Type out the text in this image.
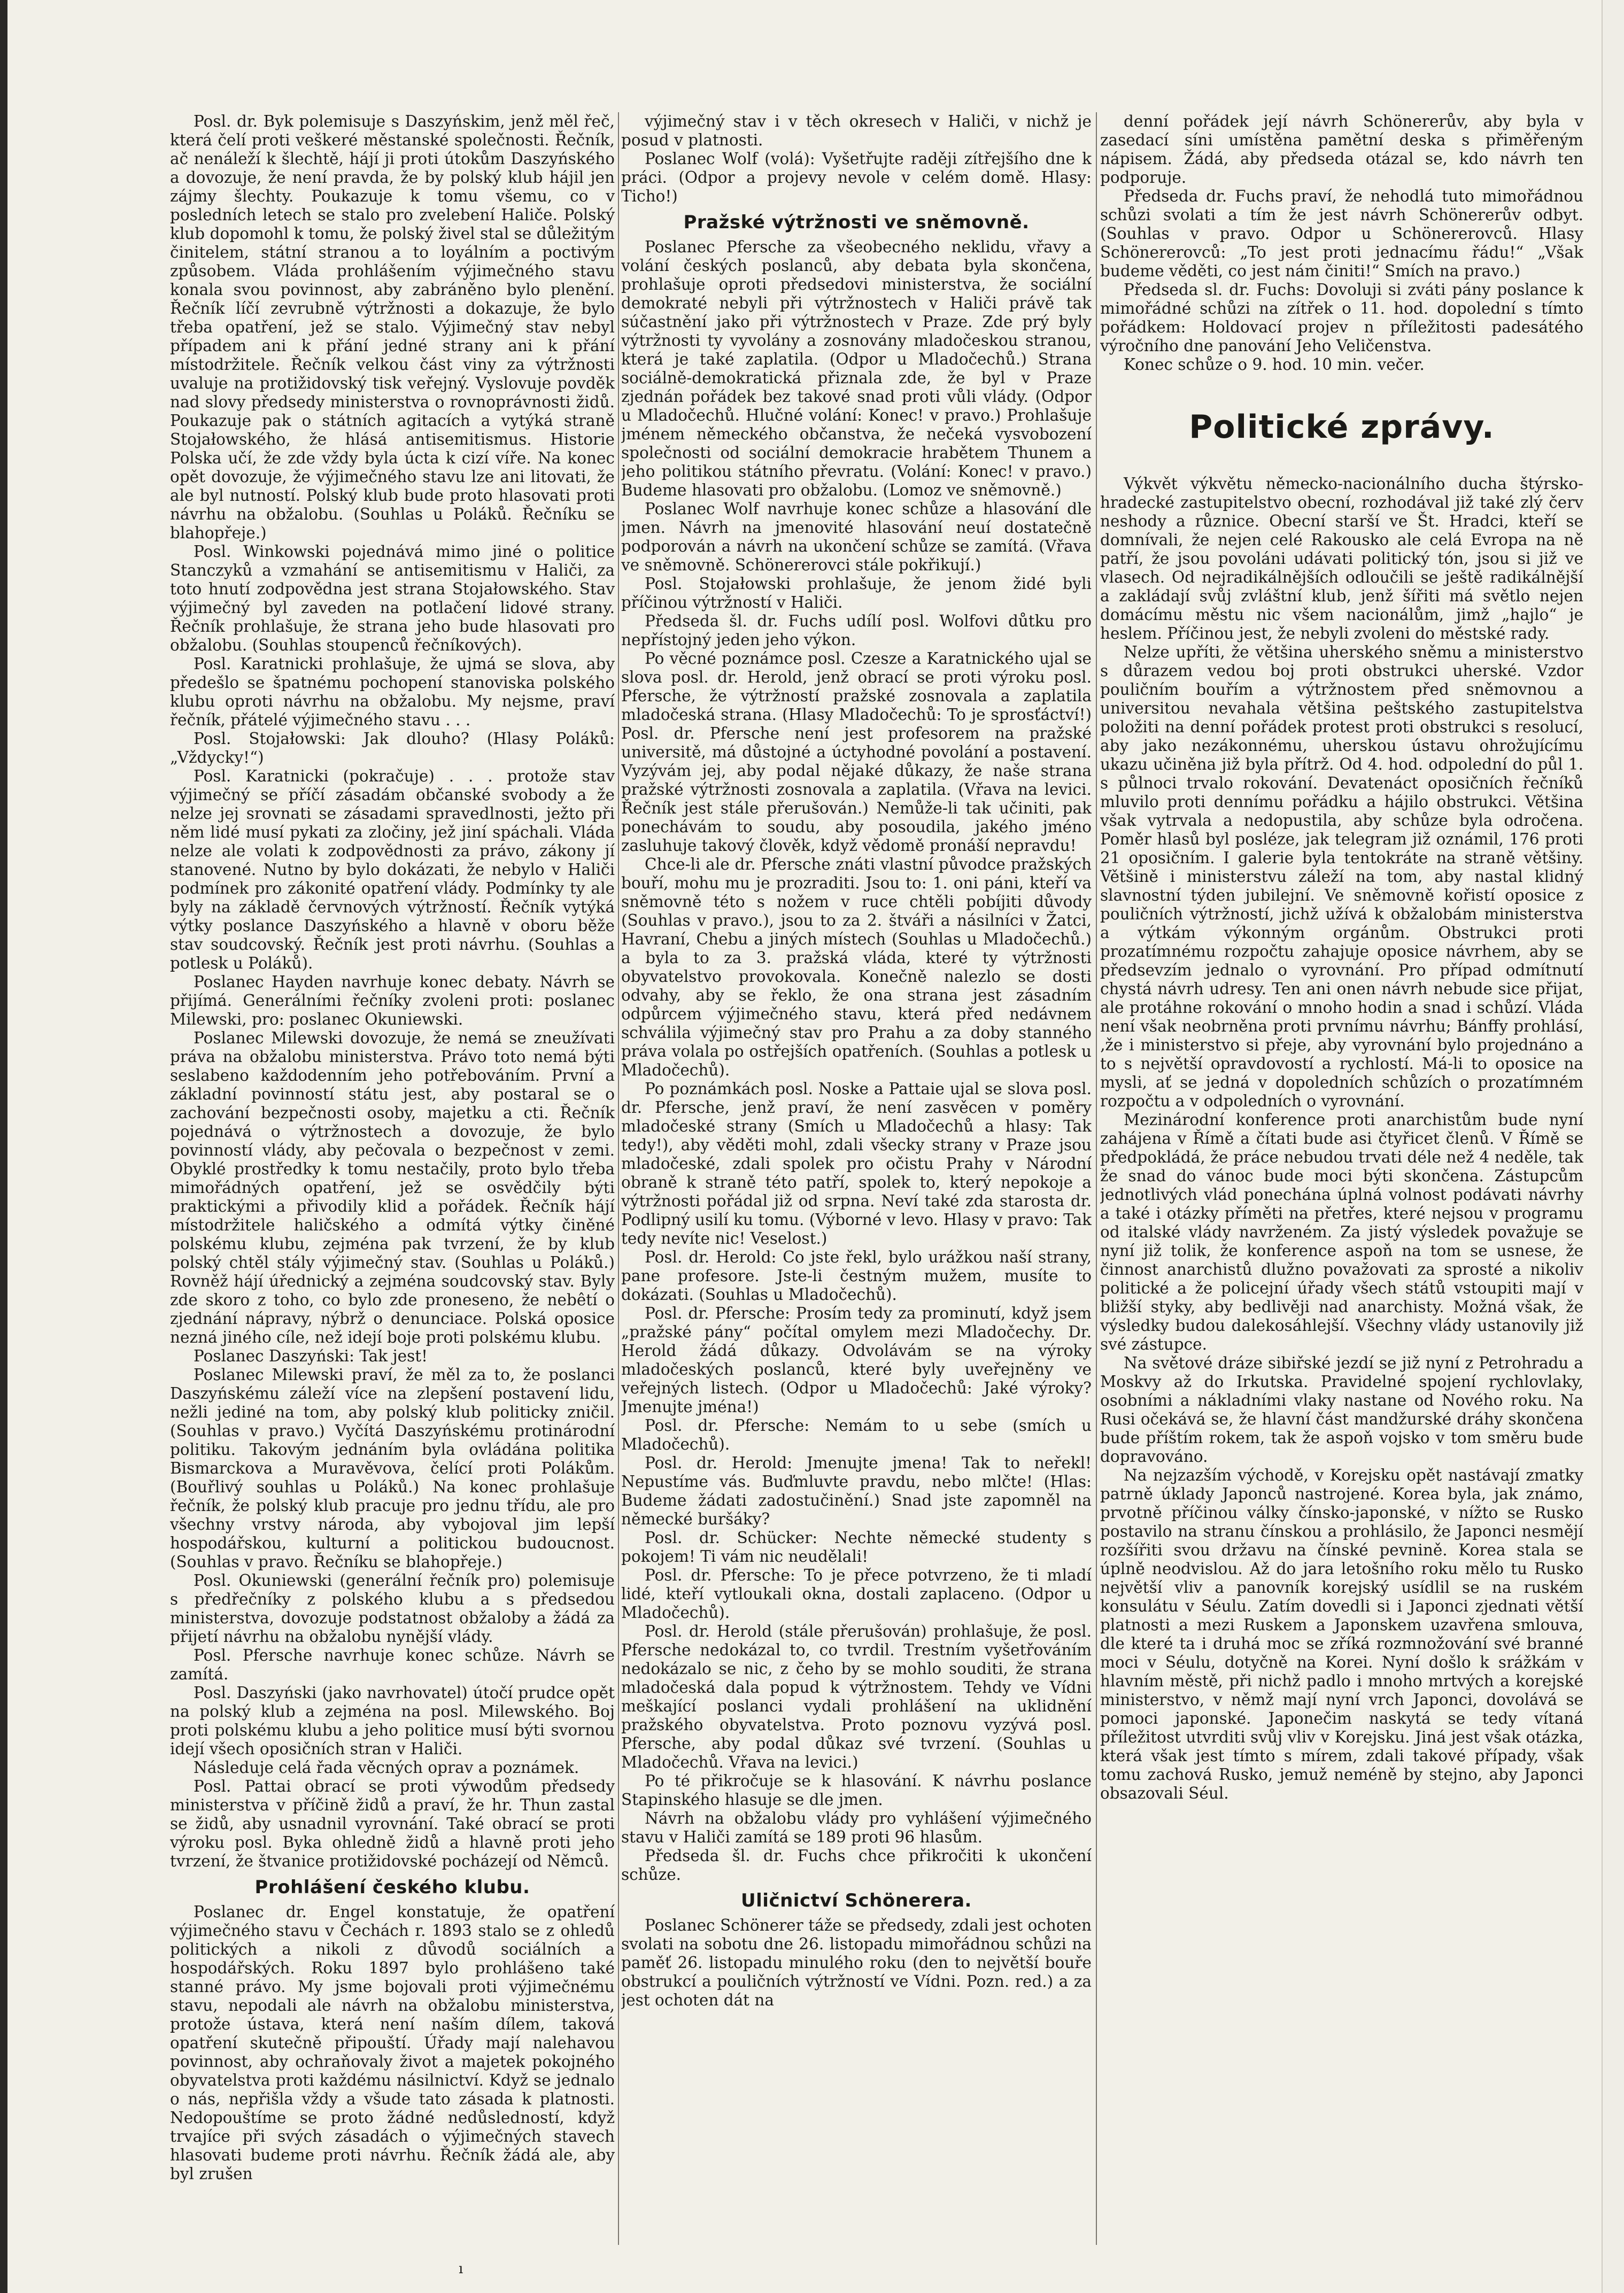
Posl. dr. Byk polemisuje s Daszyńskim, jenž měl řeč, která čelí proti veškeré městanské společnosti. Řečník, ač nenáleží k šlechtě, hájí ji proti útokům Daszyńského a dovozuje, že není pravda, že by polský klub hájil jen zájmy šlechty. Poukazuje k tomu všemu, co v posledních letech se stalo pro zvelebení Haliče. Polský klub dopomohl k tomu, že polský živel stal se důležitým činitelem, státní stranou a to loyálním a poctivým způsobem. Vláda prohlášením výjimečného stavu konala svou povinnost, aby zabráněno bylo plenění. Řečník líčí zevrubně výtržnosti a dokazuje, že bylo třeba opatření, jež se stalo. Výjimečný stav nebyl případem ani k přání jedné strany ani k přání místodržitele. Řečník velkou část viny za výtržnosti uvaluje na protižidovský tisk veřejný. Vyslovuje povděk nad slovy předsedy ministerstva o rovnoprávnosti židů. Poukazuje pak o státních agitacích a vytýká straně Stojałowského, že hlásá antisemitismus. Historie Polska učí, že zde vždy byla úcta k cizí víře. Na konec opět dovozuje, že výjimečného stavu lze ani litovati, že ale byl nutností. Polský klub bude proto hlasovati proti návrhu na obžalobu. (Souhlas u Poláků. Řečníku se blahopřeje.)

Posl. Winkowski pojednává mimo jiné o politice Stanczyků a vzmahání se antisemitismu v Haliči, za toto hnutí zodpovědna jest strana Stojałowského. Stav výjimečný byl zaveden na potlačení lidové strany. Řečník prohlašuje, že strana jeho bude hlasovati pro obžalobu. (Souhlas stoupenců řečníkových).

Posl. Karatnicki prohlašuje, že ujmá se slova, aby předešlo se špatnému pochopení stanoviska polského klubu oproti návrhu na obžalobu. My nejsme, praví řečník, přátelé výjimečného stavu . . .

Posl. Stojałowski: Jak dlouho? (Hlasy Poláků: „Vždycky!“)

Posl. Karatnicki (pokračuje) . . . protože stav výjimečný se příčí zásadám občanské svobody a že nelze jej srovnati se zásadami spravedlnosti, ježto při něm lidé musí pykati za zločiny, jež jiní spáchali. Vláda nelze ale volati k zodpovědnosti za právo, zákony jí stanovené. Nutno by bylo dokázati, že nebylo v Haliči podmínek pro zákonité opatření vlády. Podmínky ty ale byly na základě červnových výtržností. Řečník vytýká výtky poslance Daszyńského a hlavně v oboru běže stav soudcovský. Řečník jest proti návrhu. (Souhlas a potlesk u Poláků).

Poslanec Hayden navrhuje konec debaty. Návrh se přijímá. Generálními řečníky zvoleni proti: poslanec Milewski, pro: poslanec Okuniewski.

Poslanec Milewski dovozuje, že nemá se zneužívati práva na obžalobu ministerstva. Právo toto nemá býti seslabeno každodenním jeho potřebováním. První a základní povinností státu jest, aby postaral se o zachování bezpečnosti osoby, majetku a cti. Řečník pojednává o výtržnostech a dovozuje, že bylo povinností vlády, aby pečovala o bezpečnost v zemi. Obyklé prostředky k tomu nestačily, proto bylo třeba mimořádných opatření, jež se osvědčily býti praktickými a přivodily klid a pořádek. Řečník hájí místodržitele haličského a odmítá výtky činěné polskému klubu, zejména pak tvrzení, že by klub polský chtěl stály výjimečný stav. (Souhlas u Poláků.) Rovněž hájí úřednický a zejména soudcovský stav. Byly zde skoro z toho, co bylo zde proneseno, že nebêtí o zjednání nápravy, nýbrž o denunciace. Polská oposice nezná jiného cíle, než idejí boje proti polskému klubu.

Poslanec Daszyński: Tak jest!

Poslanec Milewski praví, že měl za to, že poslanci Daszyńskému záleží více na zlepšení postavení lidu, nežli jediné na tom, aby polský klub politicky zničil. (Souhlas v pravo.) Vyčítá Daszyńskému protinárodní politiku. Takovým jednáním byla ovládána politika Bismarckova a Muravěvova, čelící proti Polákům. (Bouřlivý souhlas u Poláků.) Na konec prohlašuje řečník, že polský klub pracuje pro jednu třídu, ale pro všechny vrstvy národa, aby vybojoval jim lepší hospodářskou, kulturní a politickou budoucnost. (Souhlas v pravo. Řečníku se blahopřeje.)

Posl. Okuniewski (generální řečník pro) polemisuje s předřečníky z polského klubu a s předsedou ministerstva, dovozuje podstatnost obžaloby a žádá za přijetí návrhu na obžalobu nynější vlády.

Posl. Pfersche navrhuje konec schůze. Návrh se zamítá.

Posl. Daszyński (jako navrhovatel) útočí prudce opět na polský klub a zejména na posl. Milewského. Boj proti polskému klubu a jeho politice musí býti svornou idejí všech oposičních stran v Haliči.

Následuje celá řada věcných oprav a poznámek.

Posl. Pattai obrací se proti výwodům předsedy ministerstva v příčině židů a praví, že hr. Thun zastal se židů, aby usnadnil vyrovnání. Také obrací se proti výroku posl. Byka ohledně židů a hlavně proti jeho tvrzení, že štvanice protižidovské pocházejí od Němců.

Prohlášení českého klubu.

Poslanec dr. Engel konstatuje, že opatření výjimečného stavu v Čechách r. 1893 stalo se z ohledů politických a nikoli z důvodů sociálních a hospodářských. Roku 1897 bylo prohlášeno také stanné právo. My jsme bojovali proti výjimečnému stavu, nepodali ale návrh na obžalobu ministerstva, protože ústava, která není naším dílem, taková opatření skutečně připouští. Úřady mají nalehavou povinnost, aby ochraňovaly život a majetek pokojného obyvatelstva proti každému násilnictví. Když se jednalo o nás, nepřišla vždy a všude tato zásada k platnosti. Nedopouštíme se proto žádné nedůsledností, když trvajíce při svých zásadách o výjimečných stavech hlasovati budeme proti návrhu. Řečník žádá ale, aby byl zrušen

výjimečný stav i v těch okresech v Haliči, v nichž je posud v platnosti.

Poslanec Wolf (volá): Vyšetřujte raději zítřejšího dne k práci. (Odpor a projevy nevole v celém domě. Hlasy: Ticho!)

Pražské výtržnosti ve sněmovně.

Poslanec Pfersche za všeobecného neklidu, vřavy a volání českých poslanců, aby debata byla skončena, prohlašuje oproti předsedovi ministerstva, že sociální demokraté nebyli při výtržnostech v Haliči právě tak súčastnění jako při výtržnostech v Praze. Zde prý byly výtržnosti ty vyvolány a zosnovány mladočeskou stranou, která je také zaplatila. (Odpor u Mladočechů.) Strana sociálně-demokratická přiznala zde, že byl v Praze zjednán pořádek bez takové snad proti vůli vlády. (Odpor u Mladočechů. Hlučné volání: Konec! v pravo.) Prohlašuje jménem německého občanstva, že nečeká vysvobození společnosti od sociální demokracie hrabětem Thunem a jeho politikou státního převratu. (Volání: Konec! v pravo.) Budeme hlasovati pro obžalobu. (Lomoz ve sněmovně.)

Poslanec Wolf navrhuje konec schůze a hlasování dle jmen. Návrh na jmenovité hlasování neuí dostatečně podporován a návrh na ukončení schůze se zamítá. (Vřava ve sněmovně. Schönererovci stále pokřikují.)

Posl. Stojałowski prohlašuje, že jenom židé byli příčinou výtržností v Haliči.

Předseda šl. dr. Fuchs udílí posl. Wolfovi důtku pro nepřístojný jeden jeho výkon.

Po věcné poznámce posl. Czesze a Karatnického ujal se slova posl. dr. Herold, jenž obrací se proti výroku posl. Pfersche, že výtržností pražské zosnovala a zaplatila mladočeská strana. (Hlasy Mladočechů: To je sprosťáctví!) Posl. dr. Pfersche není jest profesorem na pražské universitě, má důstojné a úctyhodné povolání a postavení. Vyzývám jej, aby podal nějaké důkazy, že naše strana pražské výtržnosti zosnovala a zaplatila. (Vřava na levici. Řečník jest stále přerušován.) Nemůže-li tak učiniti, pak ponechávám to soudu, aby posoudila, jakého jméno zasluhuje takový člověk, když vědomě pronáší nepravdu!

Chce-li ale dr. Pfersche znáti vlastní původce pražských bouří, mohu mu je prozraditi. Jsou to: 1. oni páni, kteří va sněmovně této s nožem v ruce chtěli pobíjiti důvody (Souhlas v pravo.), jsou to za 2. štváři a násilníci v Žatci, Havraní, Chebu a jiných místech (Souhlas u Mladočechů.) a byla to za 3. pražská vláda, které ty výtržnosti obyvatelstvo provokovala. Konečně nalezlo se dosti odvahy, aby se řeklo, že ona strana jest zásadním odpůrcem výjimečného stavu, která před nedávnem schválila výjimečný stav pro Prahu a za doby stanného práva volala po ostřejších opatřeních. (Souhlas a potlesk u Mladočechů).

Po poznámkách posl. Noske a Pattaie ujal se slova posl. dr. Pfersche, jenž praví, že není zasvěcen v poměry mladočeské strany (Smích u Mladočechů a hlasy: Tak tedy!), aby věděti mohl, zdali všecky strany v Praze jsou mladočeské, zdali spolek pro očistu Prahy v Národní obraně k straně této patří, spolek to, který nepokoje a výtržnosti pořádal již od srpna. Neví také zda starosta dr. Podlipný usilí ku tomu. (Výborné v levo. Hlasy v pravo: Tak tedy nevíte nic! Veselost.)

Posl. dr. Herold: Co jste řekl, bylo urážkou naší strany, pane profesore. Jste-li čestným mužem, musíte to dokázati. (Souhlas u Mladočechů).

Posl. dr. Pfersche: Prosím tedy za prominutí, když jsem „pražské pány“ počítal omylem mezi Mladočechy. Dr. Herold žádá důkazy. Odvolávám se na výroky mladočeských poslanců, které byly uveřejněny ve veřejných listech. (Odpor u Mladočechů: Jaké výroky? Jmenujte jména!)

Posl. dr. Pfersche: Nemám to u sebe (smích u Mladočechů).

Posl. dr. Herold: Jmenujte jmena! Tak to neřekl! Nepustíme vás. Buďmluvte pravdu, nebo mlčte! (Hlas: Budeme žádati zadostučinění.) Snad jste zapomněl na německé buršáky?

Posl. dr. Schücker: Nechte německé studenty s pokojem! Ti vám nic neudělali!

Posl. dr. Pfersche: To je přece potvrzeno, že ti mladí lidé, kteří vytloukali okna, dostali zaplaceno. (Odpor u Mladočechů).

Posl. dr. Herold (stále přerušován) prohlašuje, že posl. Pfersche nedokázal to, co tvrdil. Trestním vyšetřováním nedokázalo se nic, z čeho by se mohlo souditi, že strana mladočeská dala popud k výtržnostem. Tehdy ve Vídni meškající poslanci vydali prohlášení na uklidnění pražského obyvatelstva. Proto poznovu vyzývá posl. Pfersche, aby podal důkaz své tvrzení. (Souhlas u Mladočechů. Vřava na levici.)

Po té přikročuje se k hlasování. K návrhu poslance Stapinského hlasuje se dle jmen.

Návrh na obžalobu vlády pro vyhlášení výjimečného stavu v Haliči zamítá se 189 proti 96 hlasům.

Předseda šl. dr. Fuchs chce přikročiti k ukončení schůze.

Uličnictví Schönerera.

Poslanec Schönerer táže se předsedy, zdali jest ochoten svolati na sobotu dne 26. listopadu mimořádnou schůzi na paměť 26. listopadu minulého roku (den to největší bouře obstrukcí a pouličních výtržností ve Vídni. Pozn. red.) a za jest ochoten dát na

denní pořádek její návrh Schönererův, aby byla v zasedací síni umístěna pamětní deska s přiměřeným nápisem. Žádá, aby předseda otázal se, kdo návrh ten podporuje.

Předseda dr. Fuchs praví, že nehodlá tuto mimořádnou schůzi svolati a tím že jest návrh Schönererův odbyt. (Souhlas v pravo. Odpor u Schönererovců. Hlasy Schönererovců: „To jest proti jednacímu řádu!“ „Však budeme věděti, co jest nám činiti!“ Smích na pravo.)

Předseda sl. dr. Fuchs: Dovoluji si zváti pány poslance k mimořádné schůzi na zítřek o 11. hod. dopolední s tímto pořádkem: Holdovací projev n příležitosti padesátého výročního dne panování Jeho Veličenstva.

Konec schůze o 9. hod. 10 min. večer.

Politické zprávy.

Výkvět výkvětu německo-nacionálního ducha štýrsko-hradecké zastupitelstvo obecní, rozhodával již také zlý červ neshody a různice. Obecní starší ve Št. Hradci, kteří se domnívali, že nejen celé Rakousko ale celá Evropa na ně patří, že jsou povoláni udávati politický tón, jsou si již ve vlasech. Od nejradikálnějších odloučili se ještě radikálnější a zakládají svůj zvláštní klub, jenž šířiti má světlo nejen domácímu městu nic všem nacionálům, jimž „hajlo“ je heslem. Příčinou jest, že nebyli zvoleni do městské rady.

Nelze upříti, že většina uherského sněmu a ministerstvo s důrazem vedou boj proti obstrukci uherské. Vzdor pouličním bouřím a výtržnostem před sněmovnou a universitou nevahala většina peštského zastupitelstva položiti na denní pořádek protest proti obstrukci s resolucí, aby jako nezákonnému, uherskou ústavu ohrožujícímu ukazu učiněna již byla přítrž. Od 4. hod. odpolední do půl 1. s půlnoci trvalo rokování. Devatenáct oposičních řečníků mluvilo proti dennímu pořádku a hájilo obstrukci. Většina však vytrvala a nedopustila, aby schůze byla odročena. Poměr hlasů byl posléze, jak telegram již oznámil, 176 proti 21 oposičním. I galerie byla tentokráte na straně většiny. Většině i ministerstvu záleží na tom, aby nastal klidný slavnostní týden jubilejní. Ve sněmovně kořistí oposice z pouličních výtržností, jichž užívá k obžalobám ministerstva a výtkám výkonným orgánům. Obstrukci proti prozatímnému rozpočtu zahajuje oposice návrhem, aby se předsevzím jednalo o vyrovnání. Pro případ odmítnutí chystá návrh udresy. Ten ani onen návrh nebude sice přijat, ale protáhne rokování o mnoho hodin a snad i schůzí. Vláda není však neobrněna proti prvnímu návrhu; Bánffy prohlásí, ‚že i ministerstvo si přeje, aby vyrovnání bylo projednáno a to s největší opravdovostí a rychlostí. Má-li to oposice na mysli, ať se jedná v dopoledních schůzích o prozatímném rozpočtu a v odpoledních o vyrovnání.

Mezinárodní konference proti anarchistům bude nyní zahájena v Římě a čítati bude asi čtyřicet členů. V Římě se předpokládá, že práce nebudou trvati déle než 4 neděle, tak že snad do vánoc bude moci býti skončena. Zástupcům jednotlivých vlád ponechána úplná volnost podávati návrhy a také i otázky příměti na přetřes, které nejsou v programu od italské vlády navrženém. Za jistý výsledek považuje se nyní již tolik, že konference aspoň na tom se usnese, že činnost anarchistů dlužno považovati za sprosté a nikoliv politické a že policejní úřady všech států vstoupiti mají v bližší styky, aby bedlivěji nad anarchisty. Možná však, že výsledky budou dalekosáhlejší. Všechny vlády ustanovily již své zástupce.

Na světové dráze sibiřské jezdí se již nyní z Petrohradu a Moskvy až do Irkutska. Pravidelné spojení rychlovlaky, osobními a nákladními vlaky nastane od Nového roku. Na Rusi očekává se, že hlavní část mandžurské dráhy skončena bude příštím rokem, tak že aspoň vojsko v tom směru bude dopravováno.

Na nejzazším východě, v Korejsku opět nastávají zmatky patrně úklady Japonců nastrojené. Korea byla, jak známo, prvotně příčinou války čínsko-japonské, v nížto se Rusko postavilo na stranu čínskou a prohlásilo, že Japonci nesmějí rozšířiti svou državu na čínské pevnině. Korea stala se úplně neodvislou. Až do jara letošního roku mělo tu Rusko největší vliv a panovník korejský usídlil se na ruském konsulátu v Séulu. Zatím dovedli si i Japonci zjednati větší platnosti a mezi Ruskem a Japonskem uzavřena smlouva, dle které ta i druhá moc se zříká rozmnožování své branné moci v Séulu, dotyčně na Korei. Nyní došlo k srážkám v hlavním městě, při nichž padlo i mnoho mrtvých a korejské ministerstvo, v němž mají nyní vrch Japonci, dovolává se pomoci japonské. Japonečim naskytá se tedy vítaná příležitost utvrditi svůj vliv v Korejsku. Jiná jest však otázka, která však jest tímto s mírem, zdali takové případy, však tomu zachová Rusko, jemuž neméně by stejno, aby Japonci obsazovali Séul.

ı
